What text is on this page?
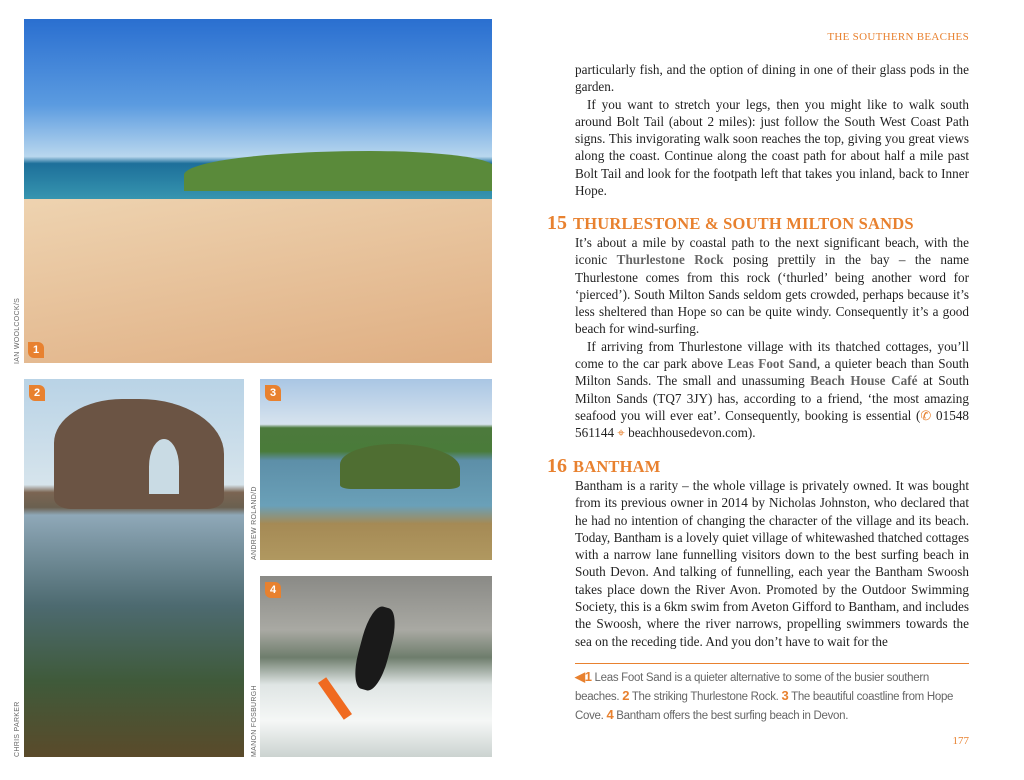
1
IAN WOOLCOCK/S
2
CHRIS PARKER
3
ANDREW ROLAND/D
4
MANON FOSBURGH
THE SOUTHERN BEACHES

particularly fish, and the option of dining in one of their glass pods in the garden.

If you want to stretch your legs, then you might like to walk south around Bolt Tail (about 2 miles): just follow the South West Coast Path signs. This invigorating walk soon reaches the top, giving you great views along the coast. Continue along the coast path for about half a mile past Bolt Tail and look for the footpath left that takes you inland, back to Inner Hope.

15 THURLESTONE & SOUTH MILTON SANDS

It’s about a mile by coastal path to the next significant beach, with the iconic Thurlestone Rock posing prettily in the bay – the name Thurlestone comes from this rock (‘thurled’ being another word for ‘pierced’). South Milton Sands seldom gets crowded, perhaps because it’s less sheltered than Hope so can be quite windy. Consequently it’s a good beach for wind-surfing.

If arriving from Thurlestone village with its thatched cottages, you’ll come to the car park above Leas Foot Sand, a quieter beach than South Milton Sands. The small and unassuming Beach House Café at South Milton Sands (TQ7 3JY) has, according to a friend, ‘the most amazing seafood you will ever eat’. Consequently, booking is essential (✆ 01548 561144 ⌖ beachhousedevon.com).

16 BANTHAM

Bantham is a rarity – the whole village is privately owned. It was bought from its previous owner in 2014 by Nicholas Johnston, who declared that he had no intention of changing the character of the village and its beach. Today, Bantham is a lovely quiet village of whitewashed thatched cottages with a narrow lane funnelling visitors down to the best surfing beach in South Devon. And talking of funnelling, each year the Bantham Swoosh takes place down the River Avon. Promoted by the Outdoor Swimming Society, this is a 6km swim from Aveton Gifford to Bantham, and includes the Swoosh, where the river narrows, propelling swimmers towards the sea on the receding tide. And you don’t have to wait for the

◀1 Leas Foot Sand is a quieter alternative to some of the busier southern beaches. 2 The striking Thurlestone Rock. 3 The beautiful coastline from Hope Cove. 4 Bantham offers the best surfing beach in Devon.
177
